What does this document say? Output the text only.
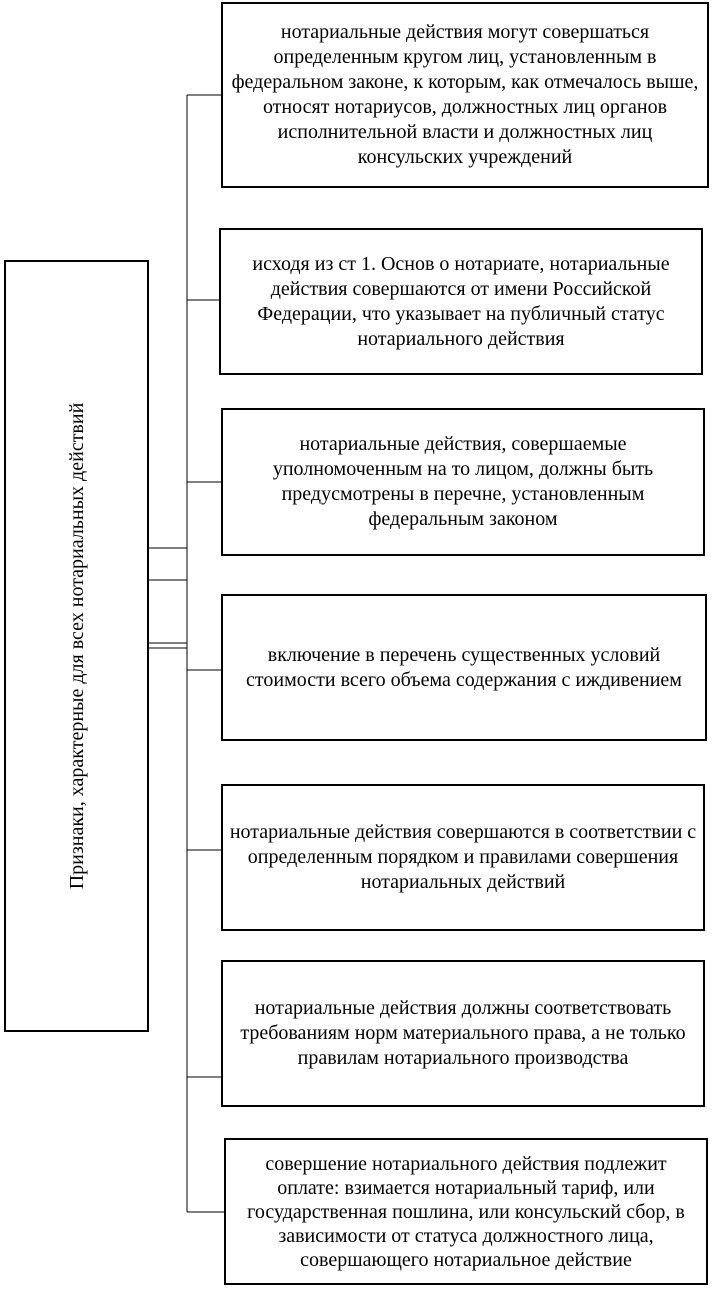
Признаки, характерные для всех нотариальных действий
нотариальные действия могут совершаться определенным кругом лиц, установленным в федеральном законе, к которым, как отмечалось выше, относят нотариусов, должностных лиц органов исполнительной власти и должностных лиц консульских учреждений
исходя из ст 1. Основ о нотариате, нотариальные действия совершаются от имени Российской Федерации, что указывает на публичный статус нотариального действия
нотариальные действия, совершаемые уполномоченным на то лицом, должны быть предусмотрены в перечне, установленным федеральным законом
включение в перечень существенных условий стоимости всего объема содержания с иждивением
нотариальные действия совершаются в соответствии с определенным порядком и правилами совершения нотариальных действий
нотариальные действия должны соответствовать требованиям норм материального права, а не только правилам нотариального производства
совершение нотариального действия подлежит оплате: взимается нотариальный тариф, или государственная пошлина, или консульский сбор, в зависимости от статуса должностного лица, совершающего нотариальное действие
